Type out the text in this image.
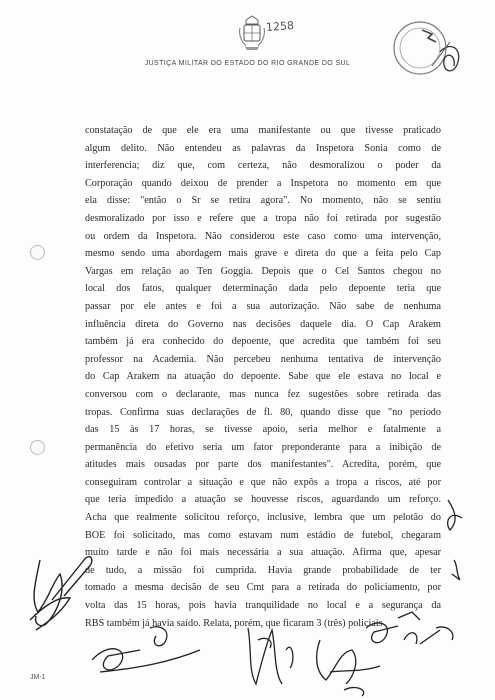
1258
JUSTIÇA MILITAR DO ESTADO DO RIO GRANDE DO SUL
constatação de que ele era uma manifestante ou que tivesse praticado
algum delito. Não entendeu as palavras da Inspetora Sonia como de
interferencia; diz que, com certeza, não desmoralizou o poder da
Corporação quando deixou de prender a Inspetora no momento em que
ela disse: "então o Sr se retira agora". No momento, não se sentiu
desmoralizado por isso e refere que a tropa não foi retirada por sugestão
ou ordem da Inspetora. Não considerou este caso como uma intervenção,
mesmo sendo uma abordagem mais grave e direta do que a feita pelo Cap
Vargas em relação ao Ten Goggia. Depois que o Cel Santos chegou no
local dos fatos, qualquer determinação dada pelo depoente teria que
passar por ele antes e foi a sua autorização. Não sabe de nenhuma
influência direta do Governo nas decisões daquele dia. O Cap Arakem
também já era conhecido do depoente, que acredita que também foi seu
professor na Academia. Não percebeu nenhuma tentativa de intervenção
do Cap Arakem na atuação do depoente. Sabe que ele estava no local e
conversou com o declarante, mas nunca fez sugestões sobre retirada das
tropas. Confirma suas declarações de fl. 80, quando disse que "no período
das 15 às 17 horas, se tivesse apoio, seria melhor e fatalmente a
permanência do efetivo seria um fator preponderante para a inibição de
atitudes mais ousadas por parte dos manifestantes". Acredita, porém, que
conseguiram controlar a situação e que não expôs a tropa a riscos, até por
que teria impedido a atuação se houvesse riscos, aguardando um reforço.
Acha que realmente solicitou reforço, inclusive, lembra que um pelotão do
BOE foi solicitado, mas como estavam num estádio de futebol, chegaram
muito tarde e não foi mais necessária a sua atuação. Afirma que, apesar
de tudo, a missão foi cumprida. Havia grande probabilidade de ter
tomado a mesma decisão de seu Cmt para a retirada do policiamento, por
volta das 15 horas, pois havia tranquilidade no local e a segurança da
RBS também já havia saído. Relata, porém, que ficaram 3 (três) policiais
JM-1
